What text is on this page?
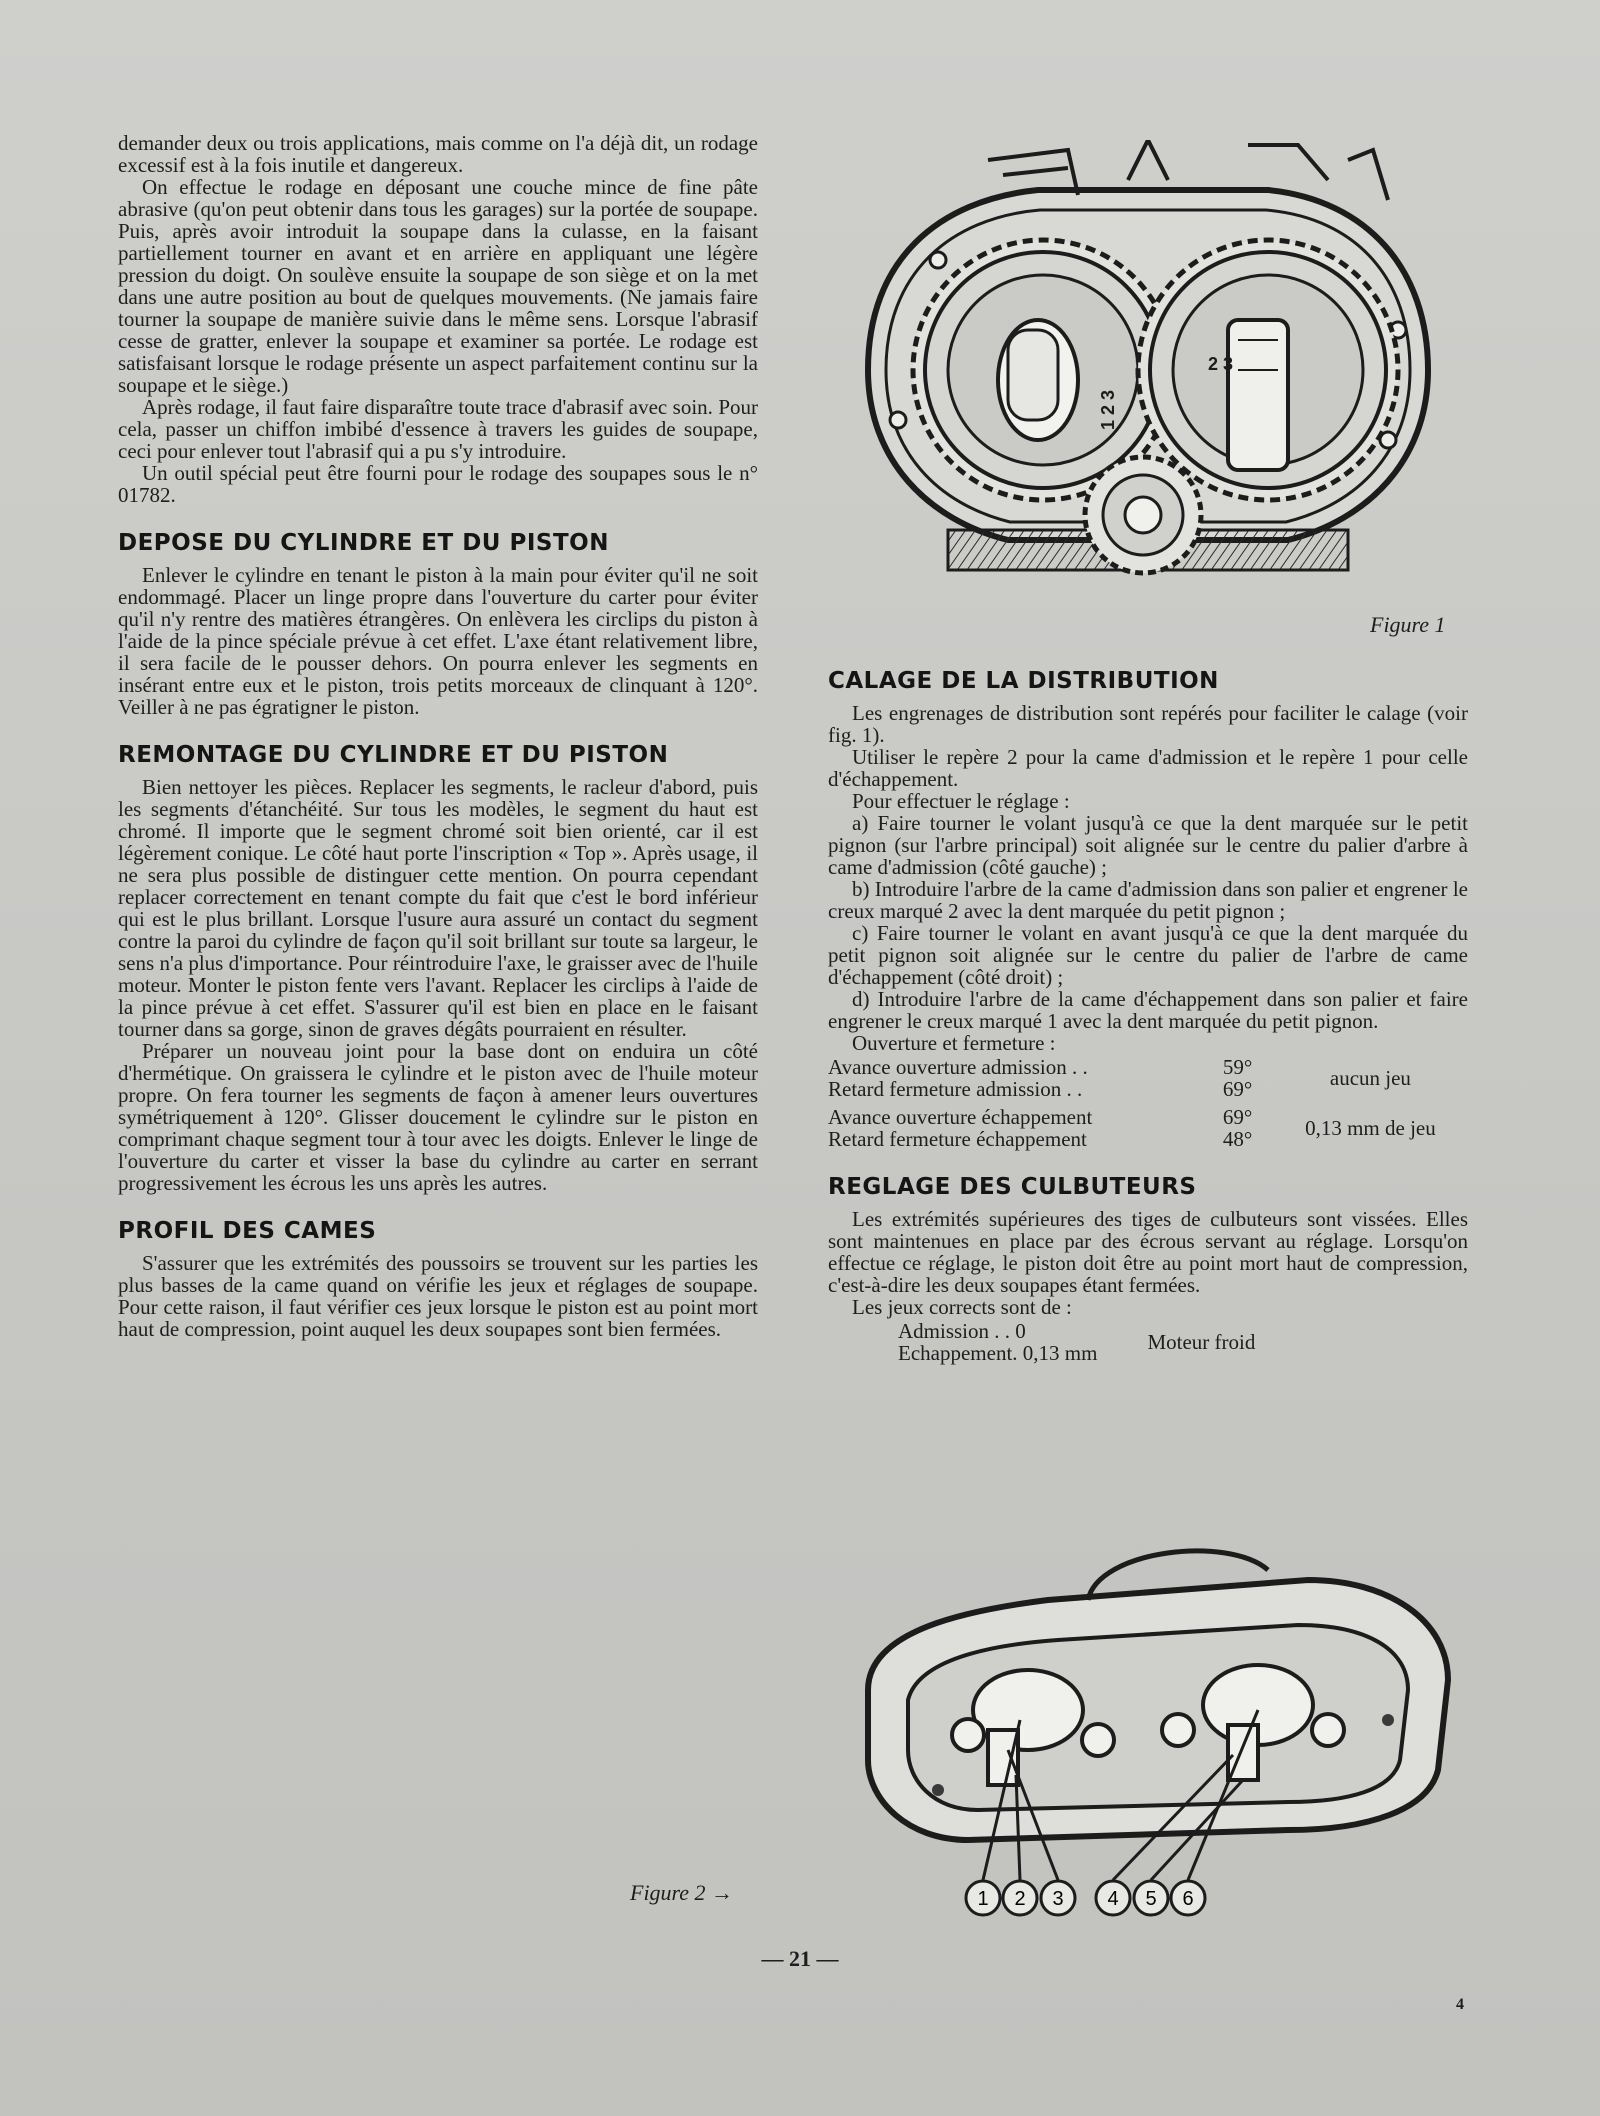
demander deux ou trois applications, mais comme on l'a déjà dit, un rodage excessif est à la fois inutile et dangereux.

On effectue le rodage en déposant une couche mince de fine pâte abrasive (qu'on peut obtenir dans tous les garages) sur la portée de soupape. Puis, après avoir introduit la soupape dans la culasse, en la faisant partiellement tourner en avant et en arrière en appliquant une légère pression du doigt. On soulève ensuite la soupape de son siège et on la met dans une autre position au bout de quelques mouvements. (Ne jamais faire tourner la soupape de manière suivie dans le même sens. Lorsque l'abrasif cesse de gratter, enlever la soupape et examiner sa portée. Le rodage est satisfaisant lorsque le rodage présente un aspect parfaitement continu sur la soupape et le siège.)

Après rodage, il faut faire disparaître toute trace d'abrasif avec soin. Pour cela, passer un chiffon imbibé d'essence à travers les guides de soupape, ceci pour enlever tout l'abrasif qui a pu s'y introduire.

Un outil spécial peut être fourni pour le rodage des soupapes sous le n° 01782.

DEPOSE DU CYLINDRE ET DU PISTON

Enlever le cylindre en tenant le piston à la main pour éviter qu'il ne soit endommagé. Placer un linge propre dans l'ouverture du carter pour éviter qu'il n'y rentre des matières étrangères. On enlèvera les circlips du piston à l'aide de la pince spéciale prévue à cet effet. L'axe étant relativement libre, il sera facile de le pousser dehors. On pourra enlever les segments en insérant entre eux et le piston, trois petits morceaux de clinquant à 120°. Veiller à ne pas égratigner le piston.

REMONTAGE DU CYLINDRE ET DU PISTON

Bien nettoyer les pièces. Replacer les segments, le racleur d'abord, puis les segments d'étanchéité. Sur tous les modèles, le segment du haut est chromé. Il importe que le segment chromé soit bien orienté, car il est légèrement conique. Le côté haut porte l'inscription « Top ». Après usage, il ne sera plus possible de distinguer cette mention. On pourra cependant replacer correctement en tenant compte du fait que c'est le bord inférieur qui est le plus brillant. Lorsque l'usure aura assuré un contact du segment contre la paroi du cylindre de façon qu'il soit brillant sur toute sa largeur, le sens n'a plus d'importance. Pour réintroduire l'axe, le graisser avec de l'huile moteur. Monter le piston fente vers l'avant. Replacer les circlips à l'aide de la pince prévue à cet effet. S'assurer qu'il est bien en place en le faisant tourner dans sa gorge, sinon de graves dégâts pourraient en résulter.

Préparer un nouveau joint pour la base dont on enduira un côté d'hermétique. On graissera le cylindre et le piston avec de l'huile moteur propre. On fera tourner les segments de façon à amener leurs ouvertures symétriquement à 120°. Glisser doucement le cylindre sur le piston en comprimant chaque segment tour à tour avec les doigts. Enlever le linge de l'ouverture du carter et visser la base du cylindre au carter en serrant progressivement les écrous les uns après les autres.

PROFIL DES CAMES

S'assurer que les extrémités des poussoirs se trouvent sur les parties les plus basses de la came quand on vérifie les jeux et réglages de soupape. Pour cette raison, il faut vérifier ces jeux lorsque le piston est au point mort haut de compression, point auquel les deux soupapes sont bien fermées.

Figure 2 →
1 2 3
2 3
Figure 1
CALAGE DE LA DISTRIBUTION

Les engrenages de distribution sont repérés pour faciliter le calage (voir fig. 1).

Utiliser le repère 2 pour la came d'admission et le repère 1 pour celle d'échappement.

Pour effectuer le réglage :

a) Faire tourner le volant jusqu'à ce que la dent marquée sur le petit pignon (sur l'arbre principal) soit alignée sur le centre du palier d'arbre à came d'admission (côté gauche) ;

b) Introduire l'arbre de la came d'admission dans son palier et engrener le creux marqué 2 avec la dent marquée du petit pignon ;

c) Faire tourner le volant en avant jusqu'à ce que la dent marquée du petit pignon soit alignée sur le centre du palier de l'arbre de came d'échappement (côté droit) ;

d) Introduire l'arbre de la came d'échappement dans son palier et faire engrener le creux marqué 1 avec la dent marquée du petit pignon.

Ouverture et fermeture :

Avance ouverture admission . .	59°	aucun jeu
Retard fermeture admission . .	69°	

Avance ouverture échappement	69°	0,13 mm de jeu
Retard fermeture échappement	48°	
REGLAGE DES CULBUTEURS

Les extrémités supérieures des tiges de culbuteurs sont vissées. Elles sont maintenues en place par des écrous servant au réglage. Lorsqu'on effectue ce réglage, le piston doit être au point mort haut de compression, c'est-à-dire les deux soupapes étant fermées.

Les jeux corrects sont de :

Admission . . 0
Echappement. 0,13 mm Moteur froid
1 2 3 4 5 6
— 21 —
4
